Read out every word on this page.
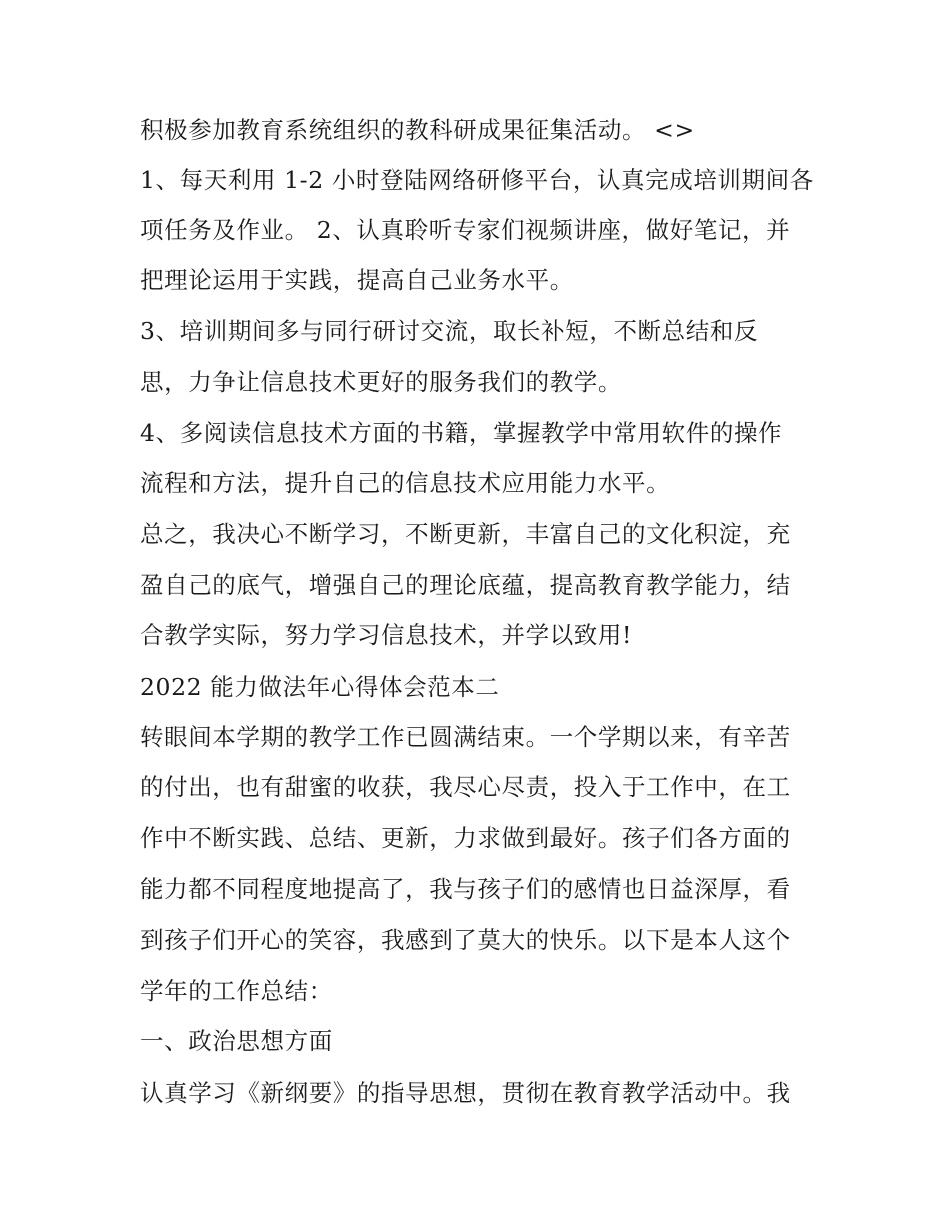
积极参加教育系统组织的教科研成果征集活动。 <>

1、每天利用 1-2 小时登陆网络研修平台，认真完成培训期间各

项任务及作业。 2、认真聆听专家们视频讲座，做好笔记，并

把理论运用于实践，提高自己业务水平。

3、培训期间多与同行研讨交流，取长补短，不断总结和反

思，力争让信息技术更好的服务我们的教学。

4、多阅读信息技术方面的书籍，掌握教学中常用软件的操作

流程和方法，提升自己的信息技术应用能力水平。

总之，我决心不断学习，不断更新，丰富自己的文化积淀，充

盈自己的底气，增强自己的理论底蕴，提高教育教学能力，结

合教学实际，努力学习信息技术，并学以致用!

2022 能力做法年心得体会范本二

转眼间本学期的教学工作已圆满结束。一个学期以来，有辛苦

的付出，也有甜蜜的收获，我尽心尽责，投入于工作中，在工

作中不断实践、总结、更新，力求做到最好。孩子们各方面的

能力都不同程度地提高了，我与孩子们的感情也日益深厚，看

到孩子们开心的笑容，我感到了莫大的快乐。以下是本人这个

学年的工作总结：

一、政治思想方面

认真学习《新纲要》的指导思想，贯彻在教育教学活动中。我
